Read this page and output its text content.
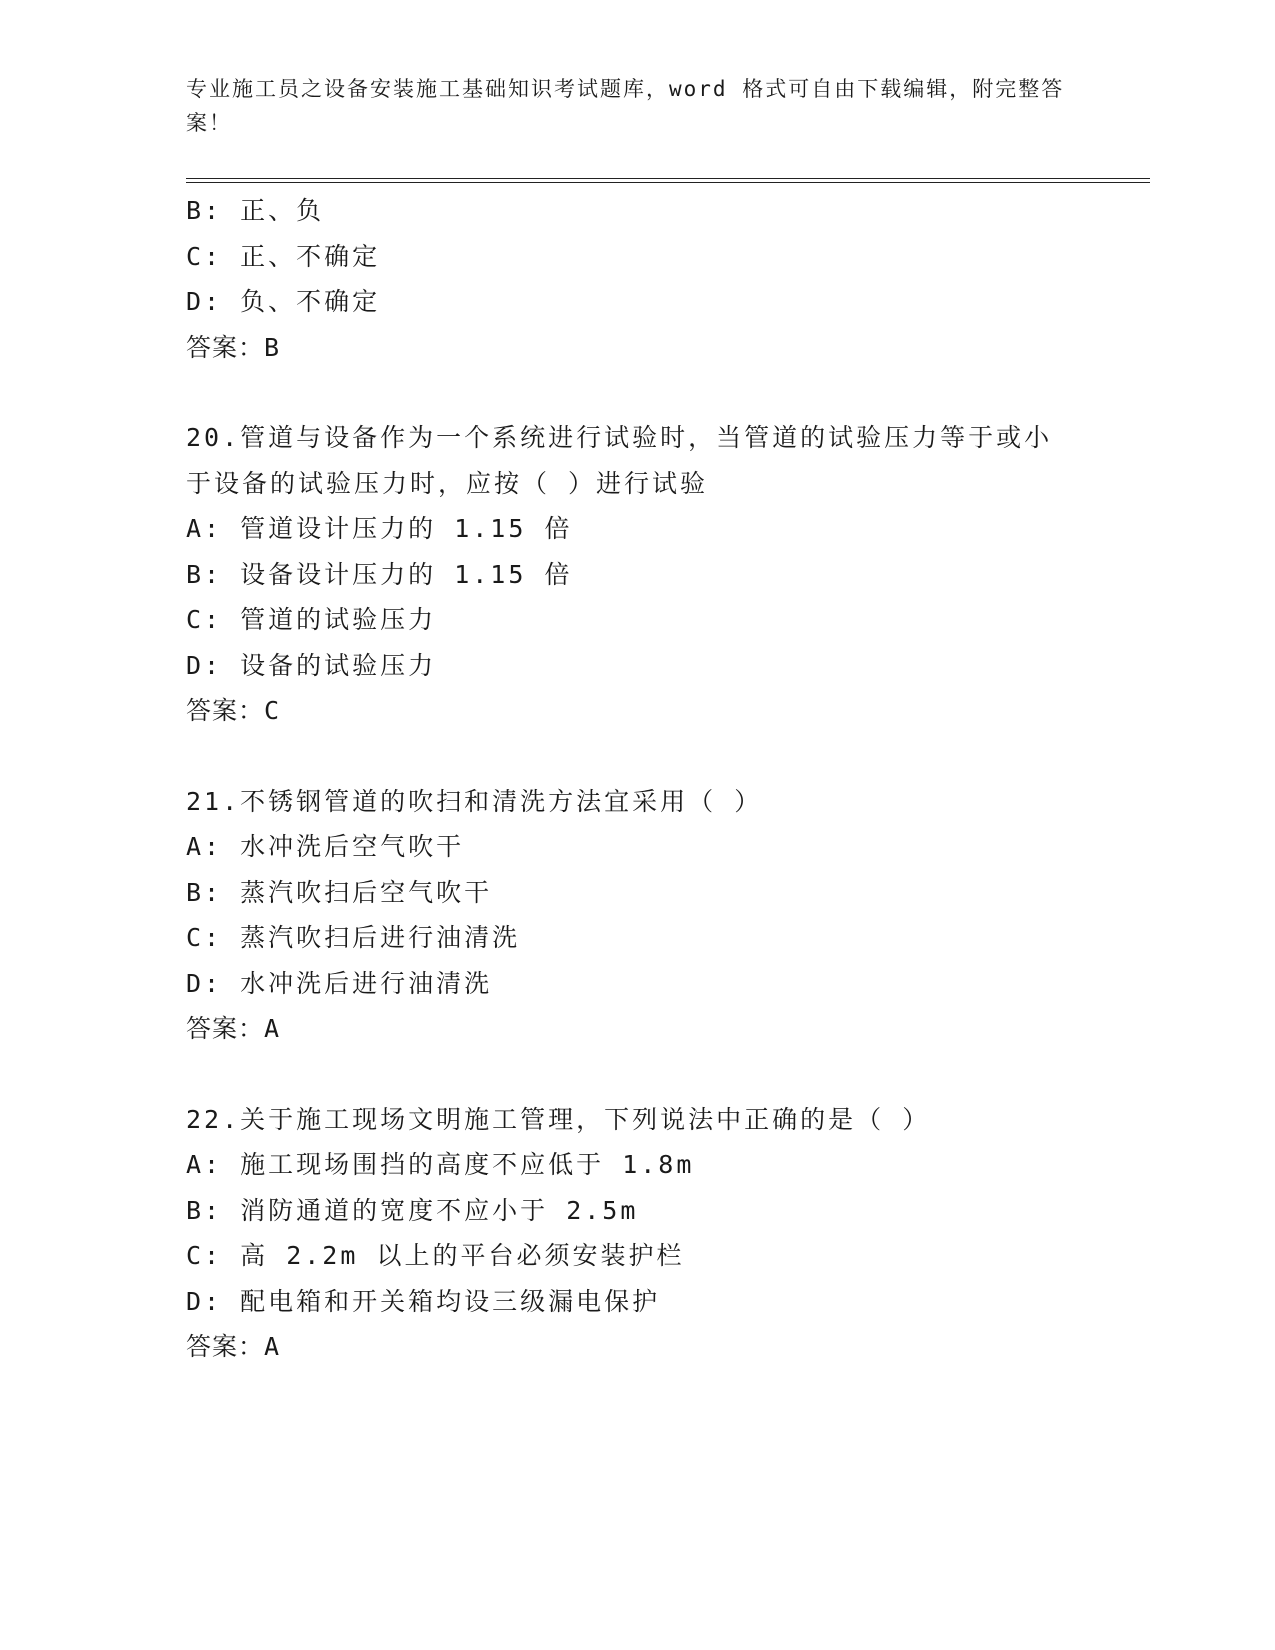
专业施工员之设备安装施工基础知识考试题库，word 格式可自由下载编辑，附完整答案！
B: 正、负
C: 正、不确定
D: 负、不确定
答案：B
20.管道与设备作为一个系统进行试验时，当管道的试验压力等于或小
于设备的试验压力时，应按（ ）进行试验
A: 管道设计压力的 1.15 倍
B: 设备设计压力的 1.15 倍
C: 管道的试验压力
D: 设备的试验压力
答案：C
21.不锈钢管道的吹扫和清洗方法宜采用（ ）
A: 水冲洗后空气吹干
B: 蒸汽吹扫后空气吹干
C: 蒸汽吹扫后进行油清洗
D: 水冲洗后进行油清洗
答案：A
22.关于施工现场文明施工管理，下列说法中正确的是（ ）
A: 施工现场围挡的高度不应低于 1.8m
B: 消防通道的宽度不应小于 2.5m
C: 高 2.2m 以上的平台必须安装护栏
D: 配电箱和开关箱均设三级漏电保护
答案：A
